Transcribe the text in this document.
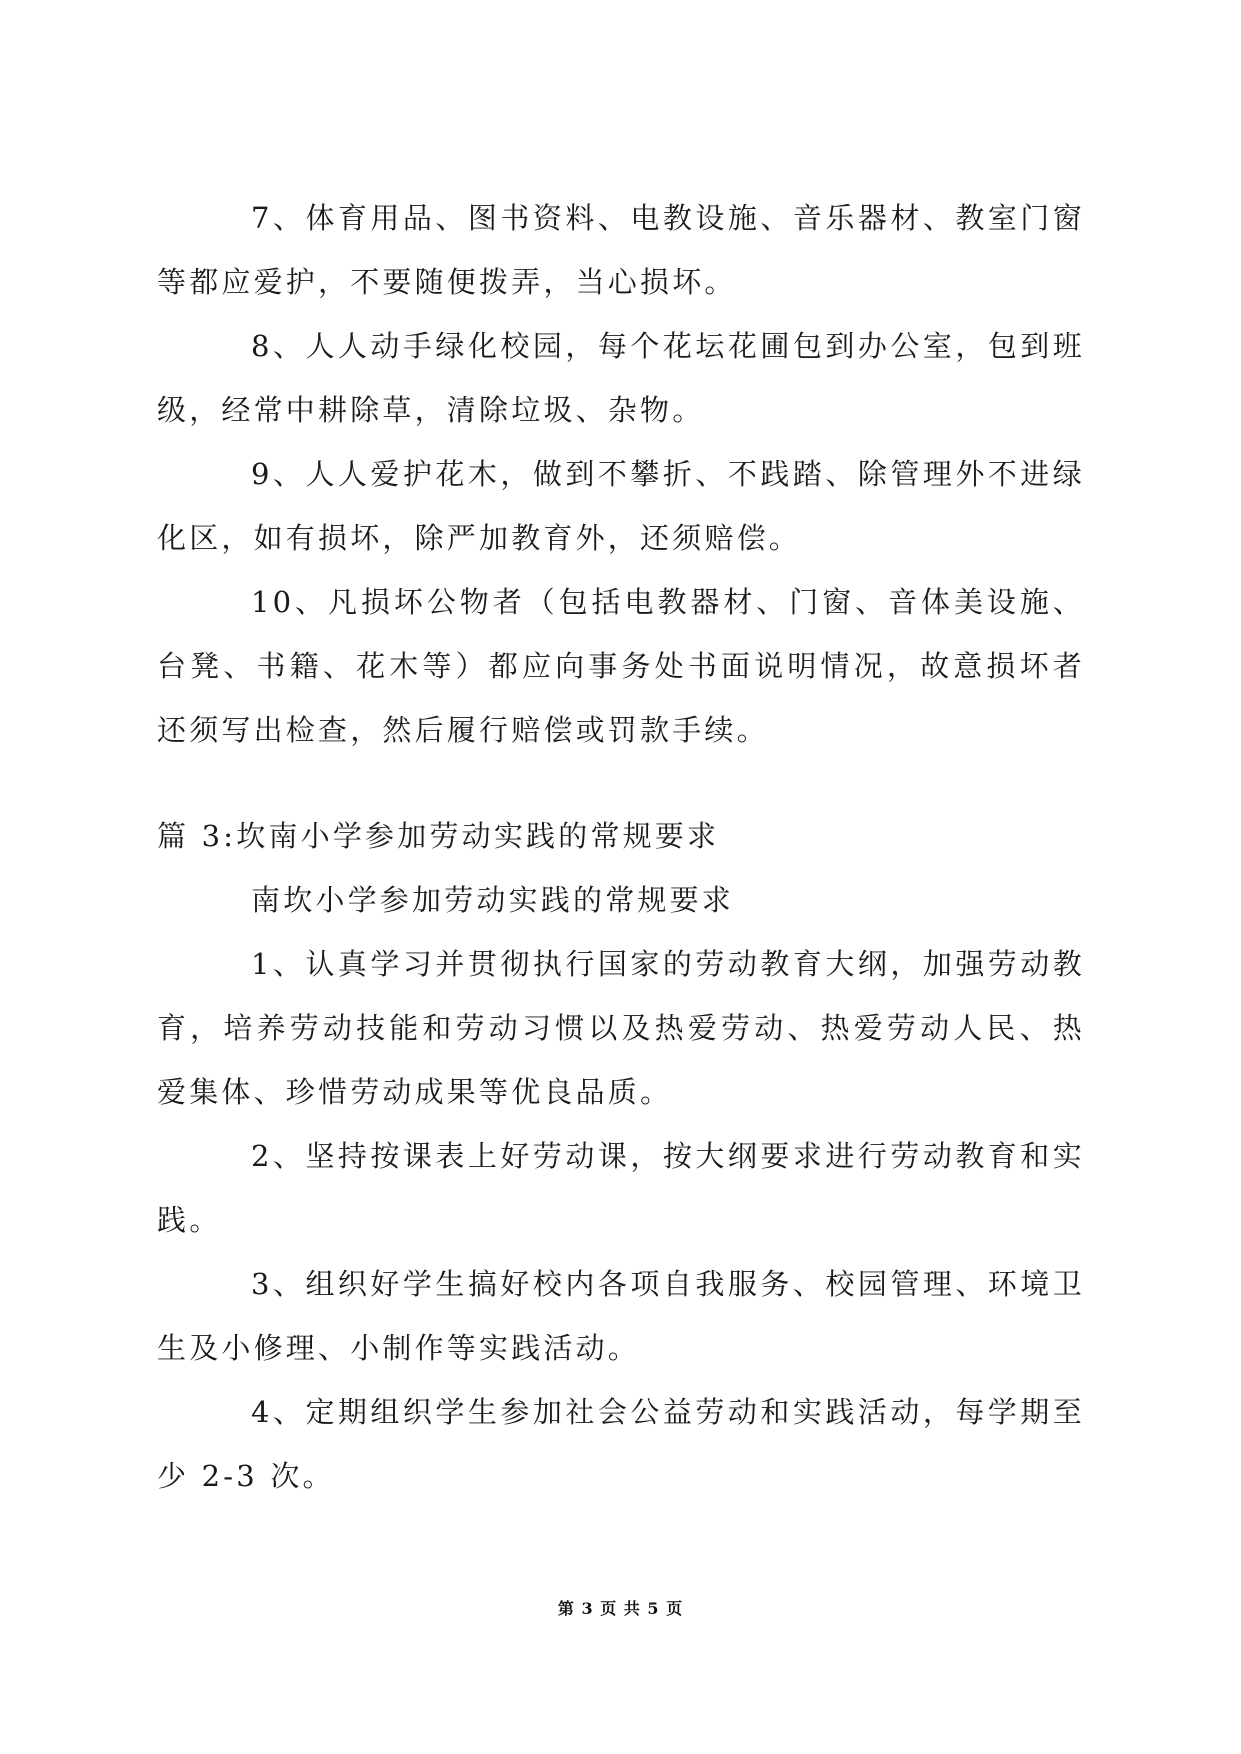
7、体育用品、图书资料、电教设施、音乐器材、教室门窗等都应爱护，不要随便拨弄，当心损坏。

8、人人动手绿化校园，每个花坛花圃包到办公室，包到班级，经常中耕除草，清除垃圾、杂物。

9、人人爱护花木，做到不攀折、不践踏、除管理外不进绿化区，如有损坏，除严加教育外，还须赔偿。

10、凡损坏公物者（包括电教器材、门窗、音体美设施、台凳、书籍、花木等）都应向事务处书面说明情况，故意损坏者还须写出检查，然后履行赔偿或罚款手续。

篇 3:坎南小学参加劳动实践的常规要求

南坎小学参加劳动实践的常规要求

1、认真学习并贯彻执行国家的劳动教育大纲，加强劳动教育，培养劳动技能和劳动习惯以及热爱劳动、热爱劳动人民、热爱集体、珍惜劳动成果等优良品质。

2、坚持按课表上好劳动课，按大纲要求进行劳动教育和实践。

3、组织好学生搞好校内各项自我服务、校园管理、环境卫生及小修理、小制作等实践活动。

4、定期组织学生参加社会公益劳动和实践活动，每学期至少 2-3 次。

第 3 页 共 5 页
